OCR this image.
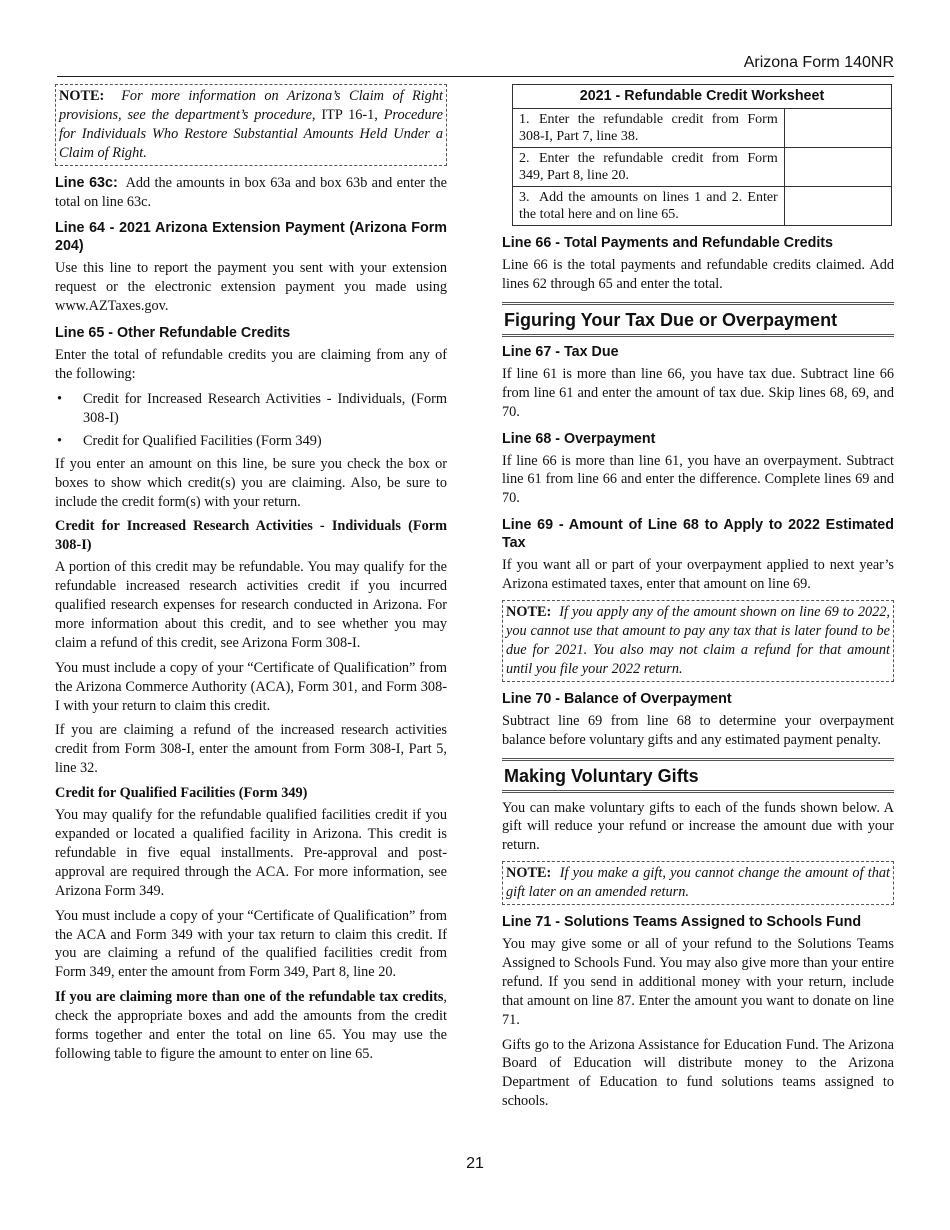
Arizona Form 140NR
NOTE: For more information on Arizona’s Claim of Right provisions, see the department’s procedure, ITP 16-1, Procedure for Individuals Who Restore Substantial Amounts Held Under a Claim of Right.

Line 63c: Add the amounts in box 63a and box 63b and enter the total on line 63c.

Line 64 - 2021 Arizona Extension Payment (Arizona Form 204)

Use this line to report the payment you sent with your extension request or the electronic extension payment you made using www.AZTaxes.gov.

Line 65 - Other Refundable Credits

Enter the total of refundable credits you are claiming from any of the following:

• Credit for Increased Research Activities - Individuals, (Form 308-I)
• Credit for Qualified Facilities (Form 349)

If you enter an amount on this line, be sure you check the box or boxes to show which credit(s) you are claiming. Also, be sure to include the credit form(s) with your return.

Credit for Increased Research Activities - Individuals (Form 308-I)

A portion of this credit may be refundable. You may qualify for the refundable increased research activities credit if you incurred qualified research expenses for research conducted in Arizona. For more information about this credit, and to see whether you may claim a refund of this credit, see Arizona Form 308-I.

You must include a copy of your “Certificate of Qualification” from the Arizona Commerce Authority (ACA), Form 301, and Form 308-I with your return to claim this credit.

If you are claiming a refund of the increased research activities credit from Form 308-I, enter the amount from Form 308-I, Part 5, line 32.

Credit for Qualified Facilities (Form 349)

You may qualify for the refundable qualified facilities credit if you expanded or located a qualified facility in Arizona. This credit is refundable in five equal installments. Pre-approval and post-approval are required through the ACA. For more information, see Arizona Form 349.

You must include a copy of your “Certificate of Qualification” from the ACA and Form 349 with your tax return to claim this credit. If you are claiming a refund of the qualified facilities credit from Form 349, enter the amount from Form 349, Part 8, line 20.

If you are claiming more than one of the refundable tax credits, check the appropriate boxes and add the amounts from the credit forms together and enter the total on line 65. You may use the following table to figure the amount to enter on line 65.

2021 - Refundable Credit Worksheet	
1. Enter the refundable credit from Form 308-I, Part 7, line 38.	
2. Enter the refundable credit from Form 349, Part 8, line 20.	
3. Add the amounts on lines 1 and 2. Enter the total here and on line 65.	
Line 66 - Total Payments and Refundable Credits

Line 66 is the total payments and refundable credits claimed. Add lines 62 through 65 and enter the total.

Figuring Your Tax Due or Overpayment
Line 67 - Tax Due

If line 61 is more than line 66, you have tax due. Subtract line 66 from line 61 and enter the amount of tax due. Skip lines 68, 69, and 70.

Line 68 - Overpayment

If line 66 is more than line 61, you have an overpayment. Subtract line 61 from line 66 and enter the difference. Complete lines 69 and 70.

Line 69 - Amount of Line 68 to Apply to 2022 Estimated Tax

If you want all or part of your overpayment applied to next year’s Arizona estimated taxes, enter that amount on line 69.

NOTE: If you apply any of the amount shown on line 69 to 2022, you cannot use that amount to pay any tax that is later found to be due for 2021. You also may not claim a refund for that amount until you file your 2022 return.
Line 70 - Balance of Overpayment

Subtract line 69 from line 68 to determine your overpayment balance before voluntary gifts and any estimated payment penalty.

Making Voluntary Gifts

You can make voluntary gifts to each of the funds shown below. A gift will reduce your refund or increase the amount due with your return.

NOTE: If you make a gift, you cannot change the amount of that gift later on an amended return.
Line 71 - Solutions Teams Assigned to Schools Fund

You may give some or all of your refund to the Solutions Teams Assigned to Schools Fund. You may also give more than your entire refund. If you send in additional money with your return, include that amount on line 87. Enter the amount you want to donate on line 71.

Gifts go to the Arizona Assistance for Education Fund. The Arizona Board of Education will distribute money to the Arizona Department of Education to fund solutions teams assigned to schools.

21
